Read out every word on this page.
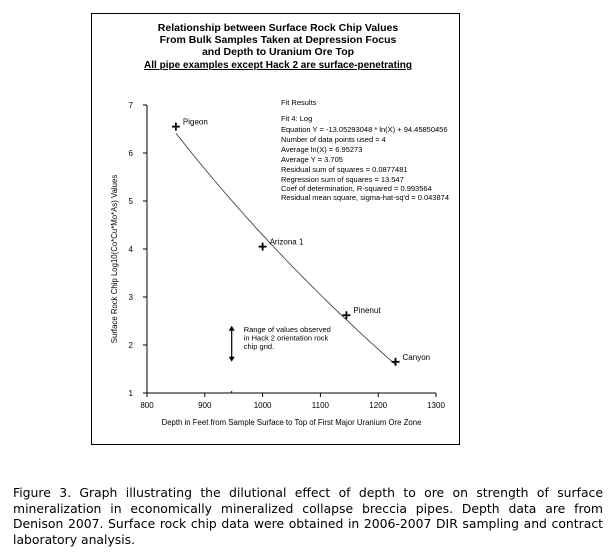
Relationship between Surface Rock Chip Values
From Bulk Samples Taken at Depression Focus
and Depth to Uranium Ore Top
All pipe examples except Hack 2 are surface-penetrating
Fit Results
Fit 4: Log
Equation Y = -13.05293048 * ln(X) + 94.45850456
Number of data points used = 4
Average ln(X) = 6.95273
Average Y = 3.705
Residual sum of squares = 0.0877481
Regression sum of squares = 13.547
Coef of determination, R-squared = 0.993564
Residual mean square, sigma-hat-sq'd = 0.043874
800	900	1000	1100	1200	1300
1
2
3
4
5
6
7
Depth in Feet from Sample Surface to Top of First Major Uranium Ore Zone
Surface Rock Chip Log10(Co*Cu*Mo*As) Values	Range of values observed
in Hack 2 orientation rock
chip grid.
Pigeon
Arizona 1
Pinenut
Canyon

Figure 3. Graph illustrating the dilutional effect of depth to ore on strength of surface mineralization in economically mineralized collapse breccia pipes. Depth data are from Denison 2007. Surface rock chip data were obtained in 2006-2007 DIR sampling and contract laboratory analysis.
